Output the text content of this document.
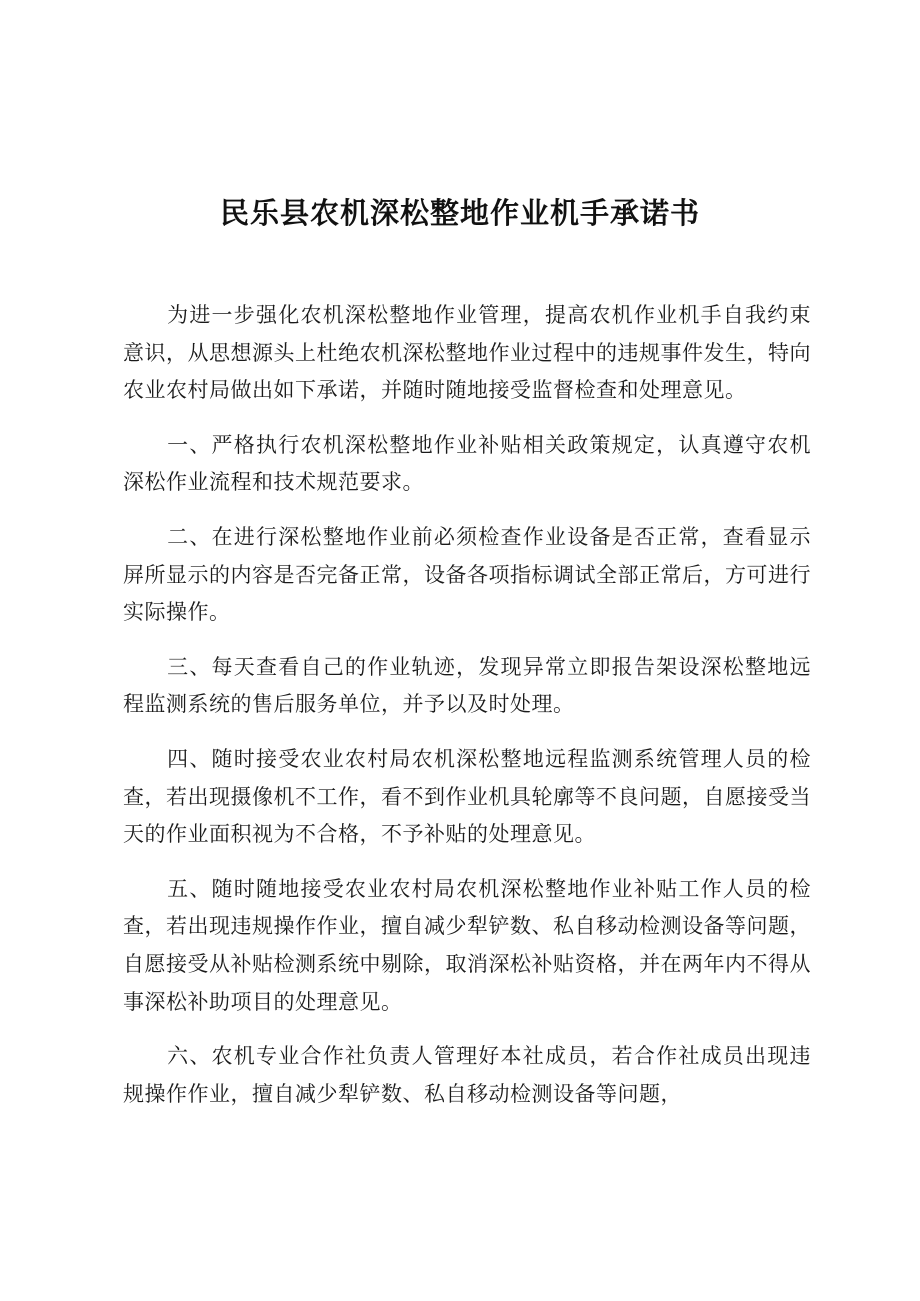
民乐县农机深松整地作业机手承诺书

为进一步强化农机深松整地作业管理，提高农机作业机手自我约束意识，从思想源头上杜绝农机深松整地作业过程中的违规事件发生，特向农业农村局做出如下承诺，并随时随地接受监督检查和处理意见。

一、严格执行农机深松整地作业补贴相关政策规定，认真遵守农机深松作业流程和技术规范要求。

二、在进行深松整地作业前必须检查作业设备是否正常，查看显示屏所显示的内容是否完备正常，设备各项指标调试全部正常后，方可进行实际操作。

三、每天查看自己的作业轨迹，发现异常立即报告架设深松整地远程监测系统的售后服务单位，并予以及时处理。

四、随时接受农业农村局农机深松整地远程监测系统管理人员的检查，若出现摄像机不工作，看不到作业机具轮廓等不良问题，自愿接受当天的作业面积视为不合格，不予补贴的处理意见。

五、随时随地接受农业农村局农机深松整地作业补贴工作人员的检查，若出现违规操作作业，擅自减少犁铲数、私自移动检测设备等问题，自愿接受从补贴检测系统中剔除，取消深松补贴资格，并在两年内不得从事深松补助项目的处理意见。

六、农机专业合作社负责人管理好本社成员，若合作社成员出现违规操作作业，擅自减少犁铲数、私自移动检测设备等问题，
